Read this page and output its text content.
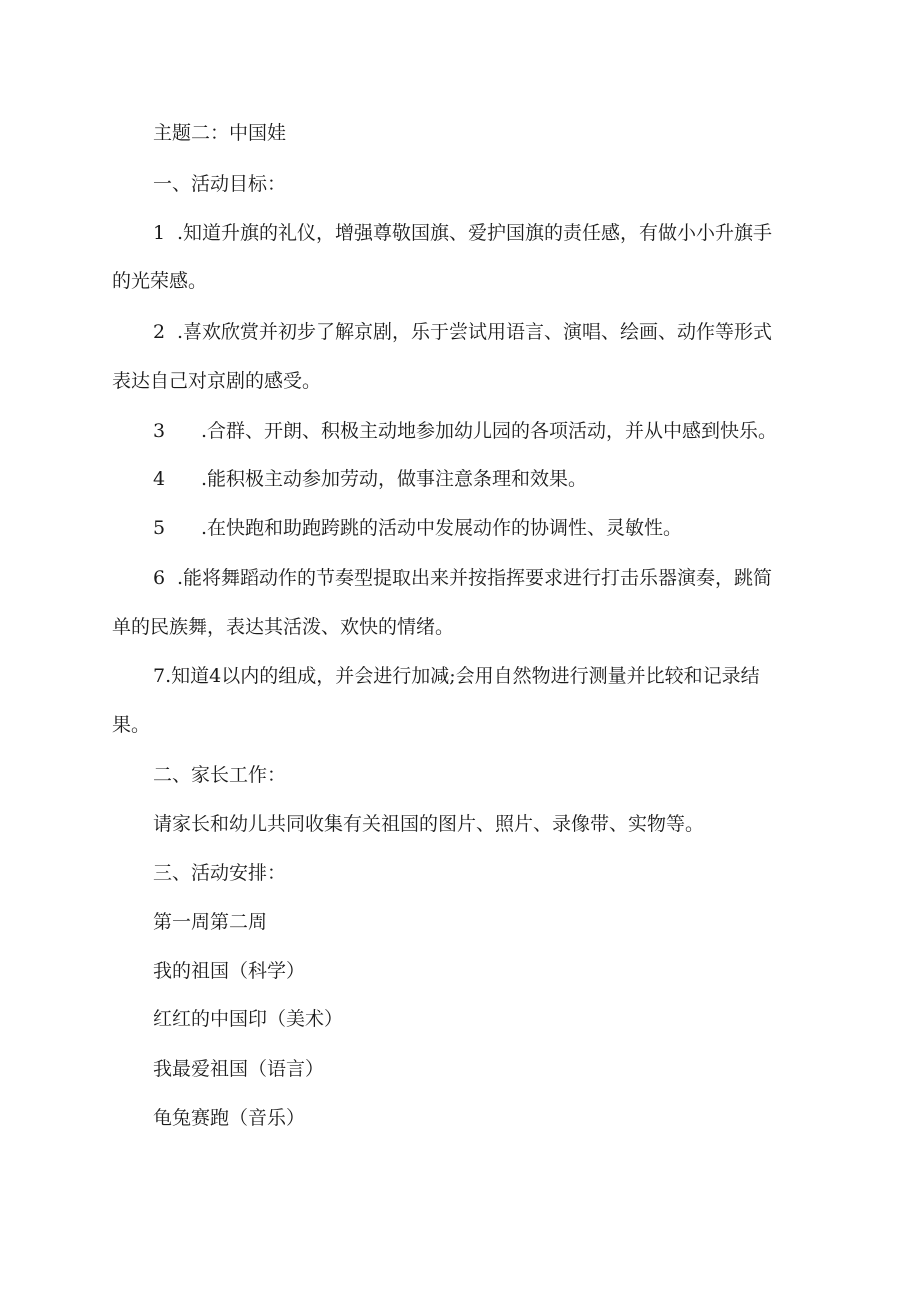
主题二：中国娃
一、活动目标：
1 .知道升旗的礼仪，增强尊敬国旗、爱护国旗的责任感，有做小小升旗手
的光荣感。
2 .喜欢欣赏并初步了解京剧，乐于尝试用语言、演唱、绘画、动作等形式
表达自己对京剧的感受。
3 .合群、开朗、积极主动地参加幼儿园的各项活动，并从中感到快乐。
4 .能积极主动参加劳动，做事注意条理和效果。
5 .在快跑和助跑跨跳的活动中发展动作的协调性、灵敏性。
6 .能将舞蹈动作的节奏型提取出来并按指挥要求进行打击乐器演奏，跳简
单的民族舞，表达其活泼、欢快的情绪。
7.知道4以内的组成，并会进行加减;会用自然物进行测量并比较和记录结
果。
二、家长工作：
请家长和幼儿共同收集有关祖国的图片、照片、录像带、实物等。
三、活动安排：
第一周第二周
我的祖国（科学）
红红的中国印（美术）
我最爱祖国（语言）
龟兔赛跑（音乐）
